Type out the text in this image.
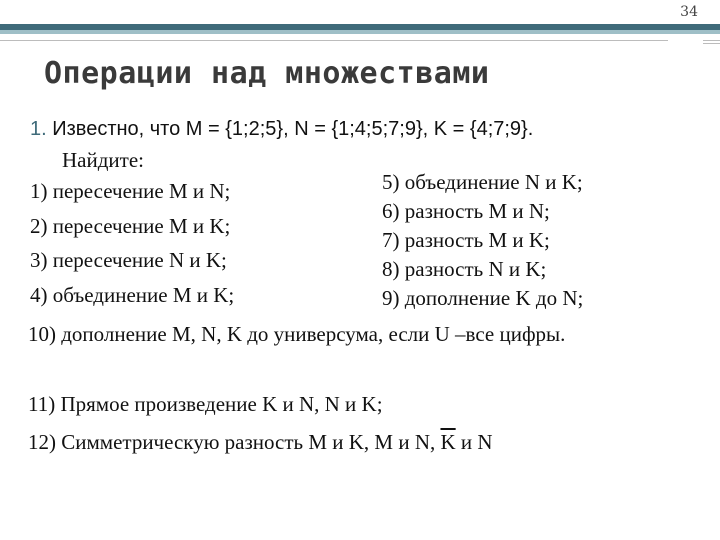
34
Операции над множествами
1. Известно, что M = {1;2;5}, N = {1;4;5;7;9}, K = {4;7;9}.
Найдите:
1) пересечение M и N;
2) пересечение M и K;
3) пересечение N и K;
4) объединение M и K;
5) объединение N и K;
6) разность M и N;
7) разность M и K;
8) разность N и K;
9) дополнение K до N;
10) дополнение M, N, K до универсума, если U –все цифры.
11) Прямое произведение K и N, N и K;
12) Симметрическую разность M и K, M и N, $\overline{K}$ и N
